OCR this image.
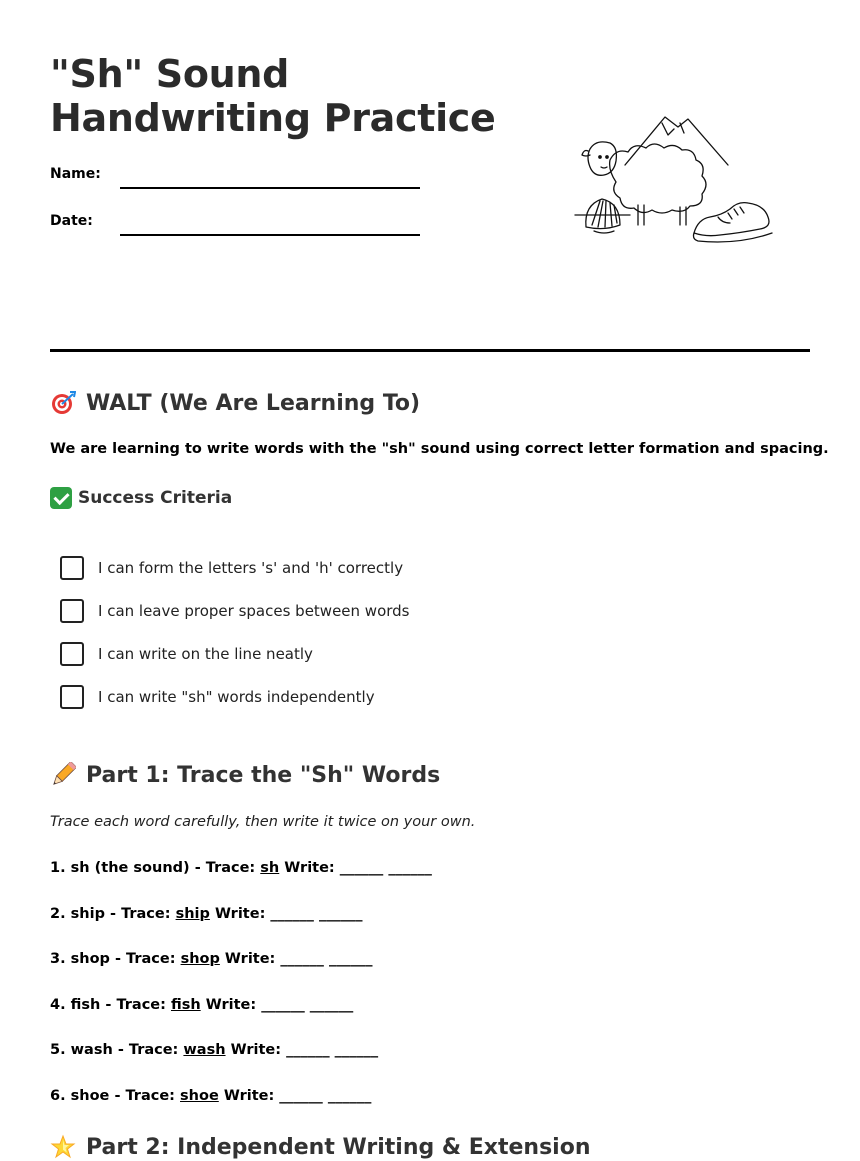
"Sh" Sound
Handwriting Practice
Name:
Date:
WALT (We Are Learning To)
We are learning to write words with the "sh" sound using correct letter formation and spacing.
Success Criteria
I can form the letters 's' and 'h' correctly
I can leave proper spaces between words
I can write on the line neatly
I can write "sh" words independently
Part 1: Trace the "Sh" Words
Trace each word carefully, then write it twice on your own.
1. sh (the sound) - Trace: sh Write: ______ ______
2. ship - Trace: ship Write: ______ ______
3. shop - Trace: shop Write: ______ ______
4. fish - Trace: fish Write: ______ ______
5. wash - Trace: wash Write: ______ ______
6. shoe - Trace: shoe Write: ______ ______
Part 2: Independent Writing & Extension
